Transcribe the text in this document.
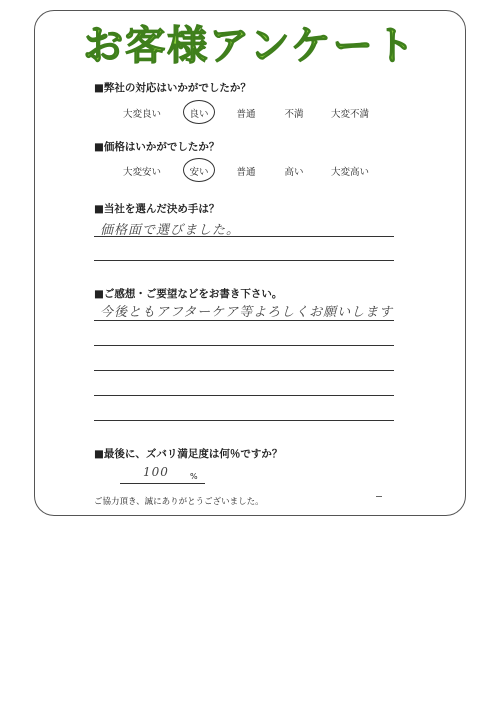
お客様アンケート
■弊社の対応はいかがでしたか？
大変良い	良い	普通	不満	大変不満
■価格はいかがでしたか？
大変安い	安い	普通	高い	大変高い
■当社を選んだ決め手は？
価格面で選びました。
■ご感想・ご要望などをお書き下さい。
今後ともアフターケア等よろしくお願いします
■最後に、ズバリ満足度は何％ですか？
100	%
ご協力頂き、誠にありがとうございました。
